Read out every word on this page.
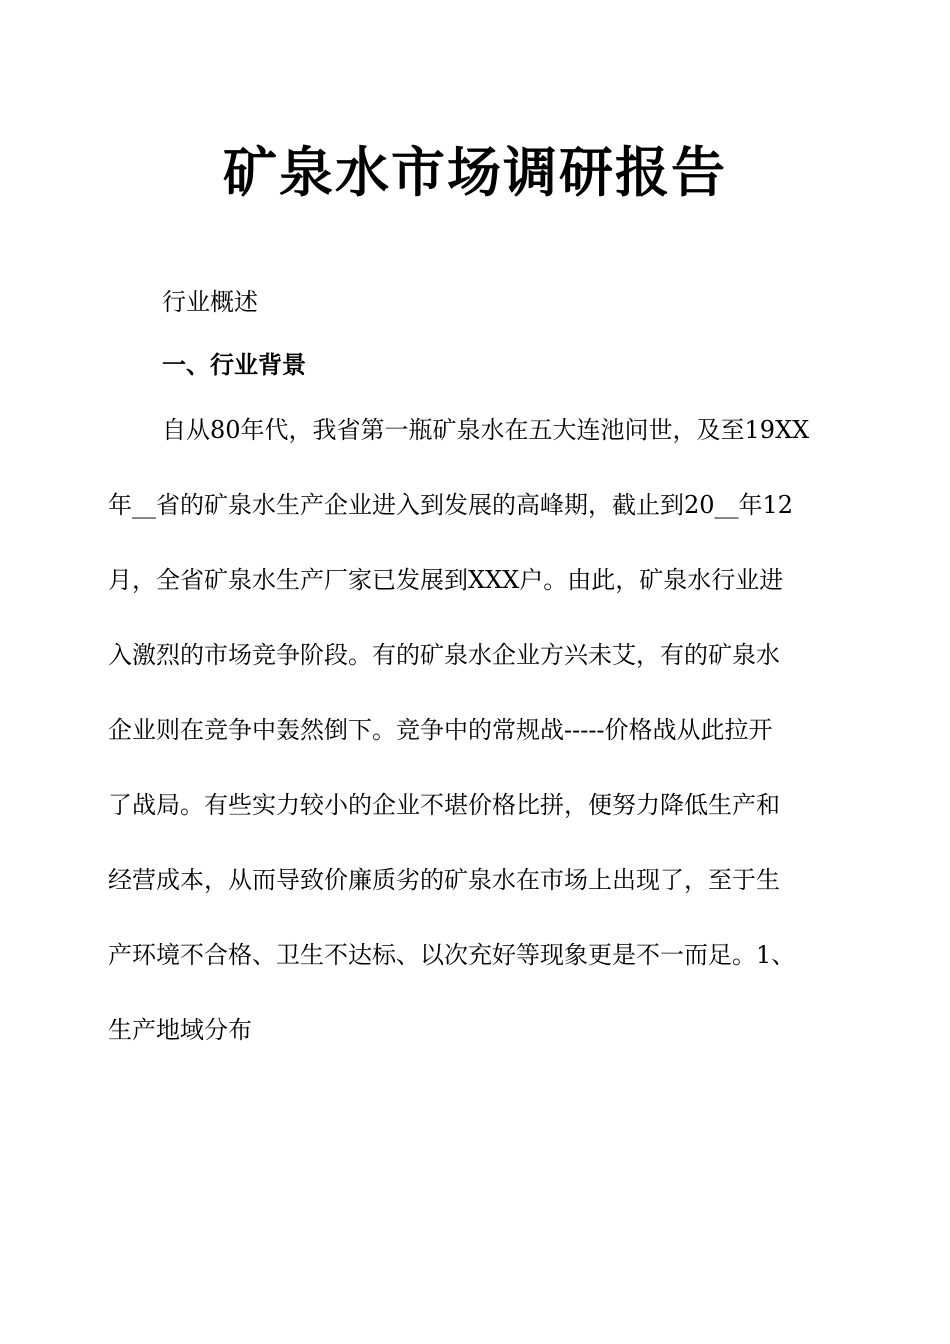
矿泉水市场调研报告

行业概述

一、行业背景
自从80年代，我省第一瓶矿泉水在五大连池问世，及至19XX
年__省的矿泉水生产企业进入到发展的高峰期，截止到20__年12
月，全省矿泉水生产厂家已发展到XXX户。由此，矿泉水行业进
入激烈的市场竞争阶段。有的矿泉水企业方兴未艾，有的矿泉水
企业则在竞争中轰然倒下。竞争中的常规战-----价格战从此拉开
了战局。有些实力较小的企业不堪价格比拼，便努力降低生产和
经营成本，从而导致价廉质劣的矿泉水在市场上出现了，至于生
产环境不合格、卫生不达标、以次充好等现象更是不一而足。1、
生产地域分布
